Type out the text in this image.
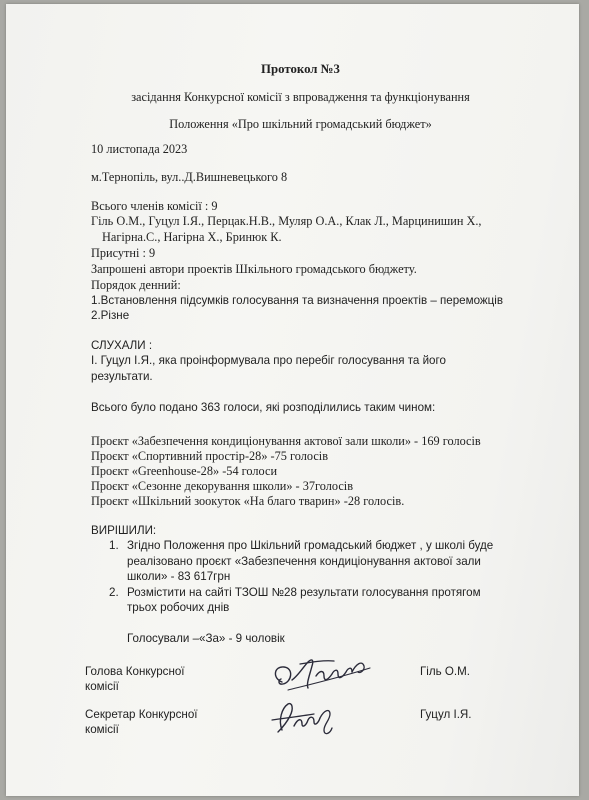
Протокол №3
засідання Конкурсної комісії з впровадження та функціонування
Положення «Про шкільний громадський бюджет»
10 листопада 2023
м.Тернопіль, вул..Д.Вишневецького 8
Всього членів комісії : 9
Гіль О.М., Гуцул І.Я., Перцак.Н.В., Муляр О.А., Клак Л., Марцинишин Х.,
Нагірна.С., Нагірна Х., Бринюк К.
Присутні : 9
Запрошені автори проектів Шкільного громадського бюджету.
Порядок денний:
1.Встановлення підсумків голосування та визначення проектів – переможців
2.Різне
СЛУХАЛИ :
І. Гуцул І.Я., яка проінформувала про перебіг голосування та його
результати.
Всього було подано 363 голоси, які розподілились таким чином:
Проєкт «Забезпечення кондиціонування актової зали школи» - 169 голосів
Проєкт «Спортивний простір-28» -75 голосів
Проєкт «Greenhouse-28» -54 голоси
Проєкт «Сезонне декорування школи» - 37голосів
Проєкт «Шкільний зоокуток «На благо тварин» -28 голосів.
ВИРІШИЛИ:
1. Згідно Положення про Шкільний громадський бюджет , у школі буде
реалізовано проєкт «Забезпечення кондиціонування актової зали
школи» - 83 617грн
2. Розмістити на сайті ТЗОШ №28 результати голосування протягом
трьох робочих днів
Голосували –«За» - 9 чоловік
Голова Конкурсної
комісії
Гіль О.М.
Секретар Конкурсної
комісії
Гуцул І.Я.
